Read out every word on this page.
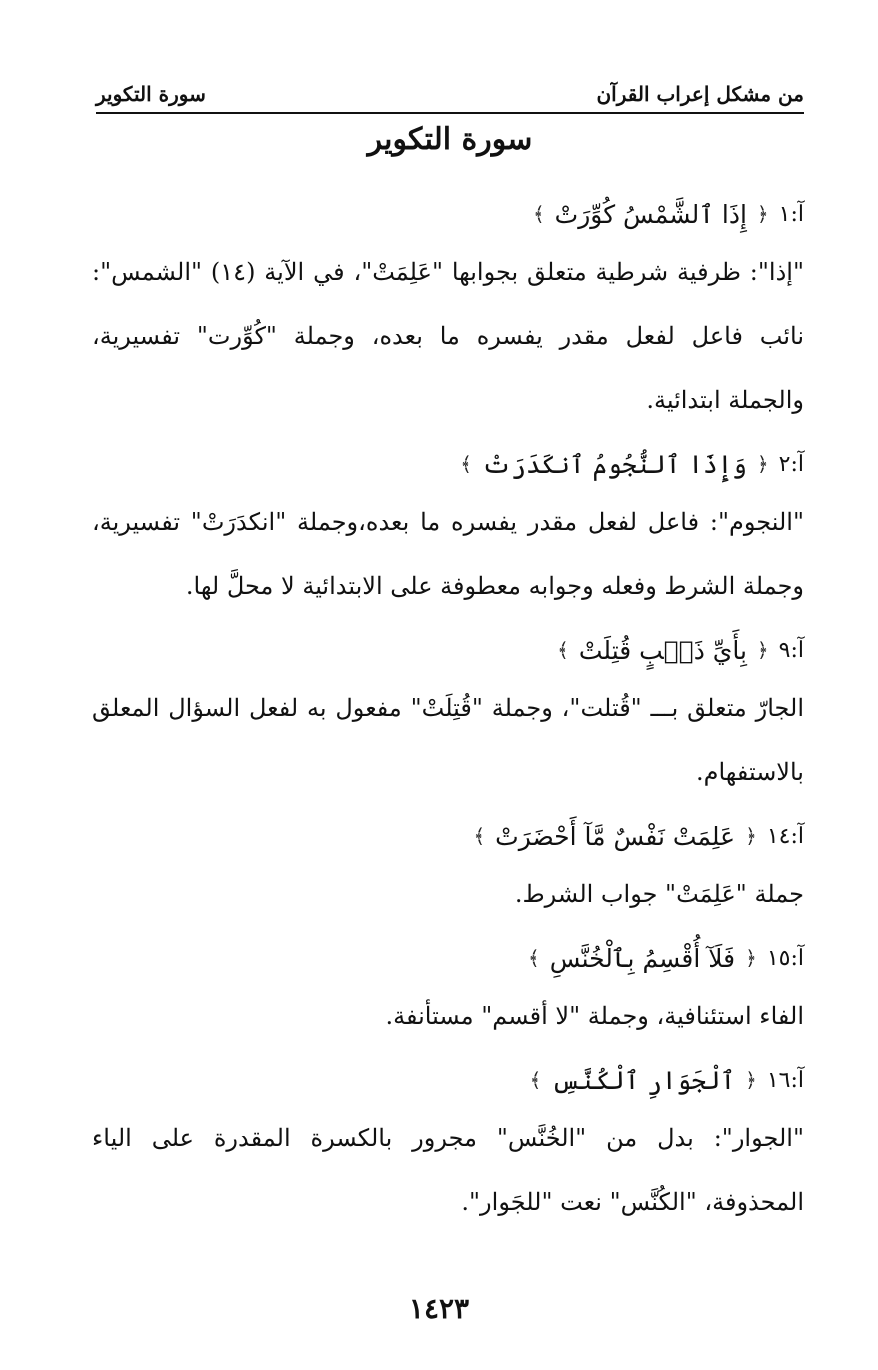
من مشكل إعراب القرآن
سورة التكوير
سورة التكوير
آ:١
﴿
إِذَا ٱلشَّمْسُ كُوِّرَتْ
﴾

"إذا": ظرفية شرطية متعلق بجوابها "عَلِمَتْ"، في الآية (١٤) "الشمس": نائب فاعل لفعل مقدر يفسره ما بعده، وجملة "كُوِّرت" تفسيرية، والجملة ابتدائية.

آ:٢
﴿
وَإِذَا ٱلنُّجُومُ ٱنكَدَرَتْ
﴾

"النجوم": فاعل لفعل مقدر يفسره ما بعده،وجملة "انكدَرَتْ" تفسيرية، وجملة الشرط وفعله وجوابه معطوفة على الابتدائية لا محلَّ لها.

آ:٩
﴿
بِأَيِّ ذَنۢبٍ قُتِلَتْ
﴾

الجارّ متعلق بـــ "قُتلت"، وجملة "قُتِلَتْ" مفعول به لفعل السؤال المعلق بالاستفهام.

آ:١٤
﴿
عَلِمَتْ نَفْسٌ مَّآ أَحْضَرَتْ
﴾

جملة "عَلِمَتْ" جواب الشرط.

آ:١٥
﴿
فَلَآ أُقْسِمُ بِٱلْخُنَّسِ
﴾

الفاء استئنافية، وجملة "لا أقسم" مستأنفة.

آ:١٦
﴿
ٱلْجَوَارِ ٱلْكُنَّسِ
﴾

"الجوار": بدل من "الخُنَّس" مجرور بالكسرة المقدرة على الياء المحذوفة، "الكُنَّس" نعت "للجَوار".

١٤٢٣
